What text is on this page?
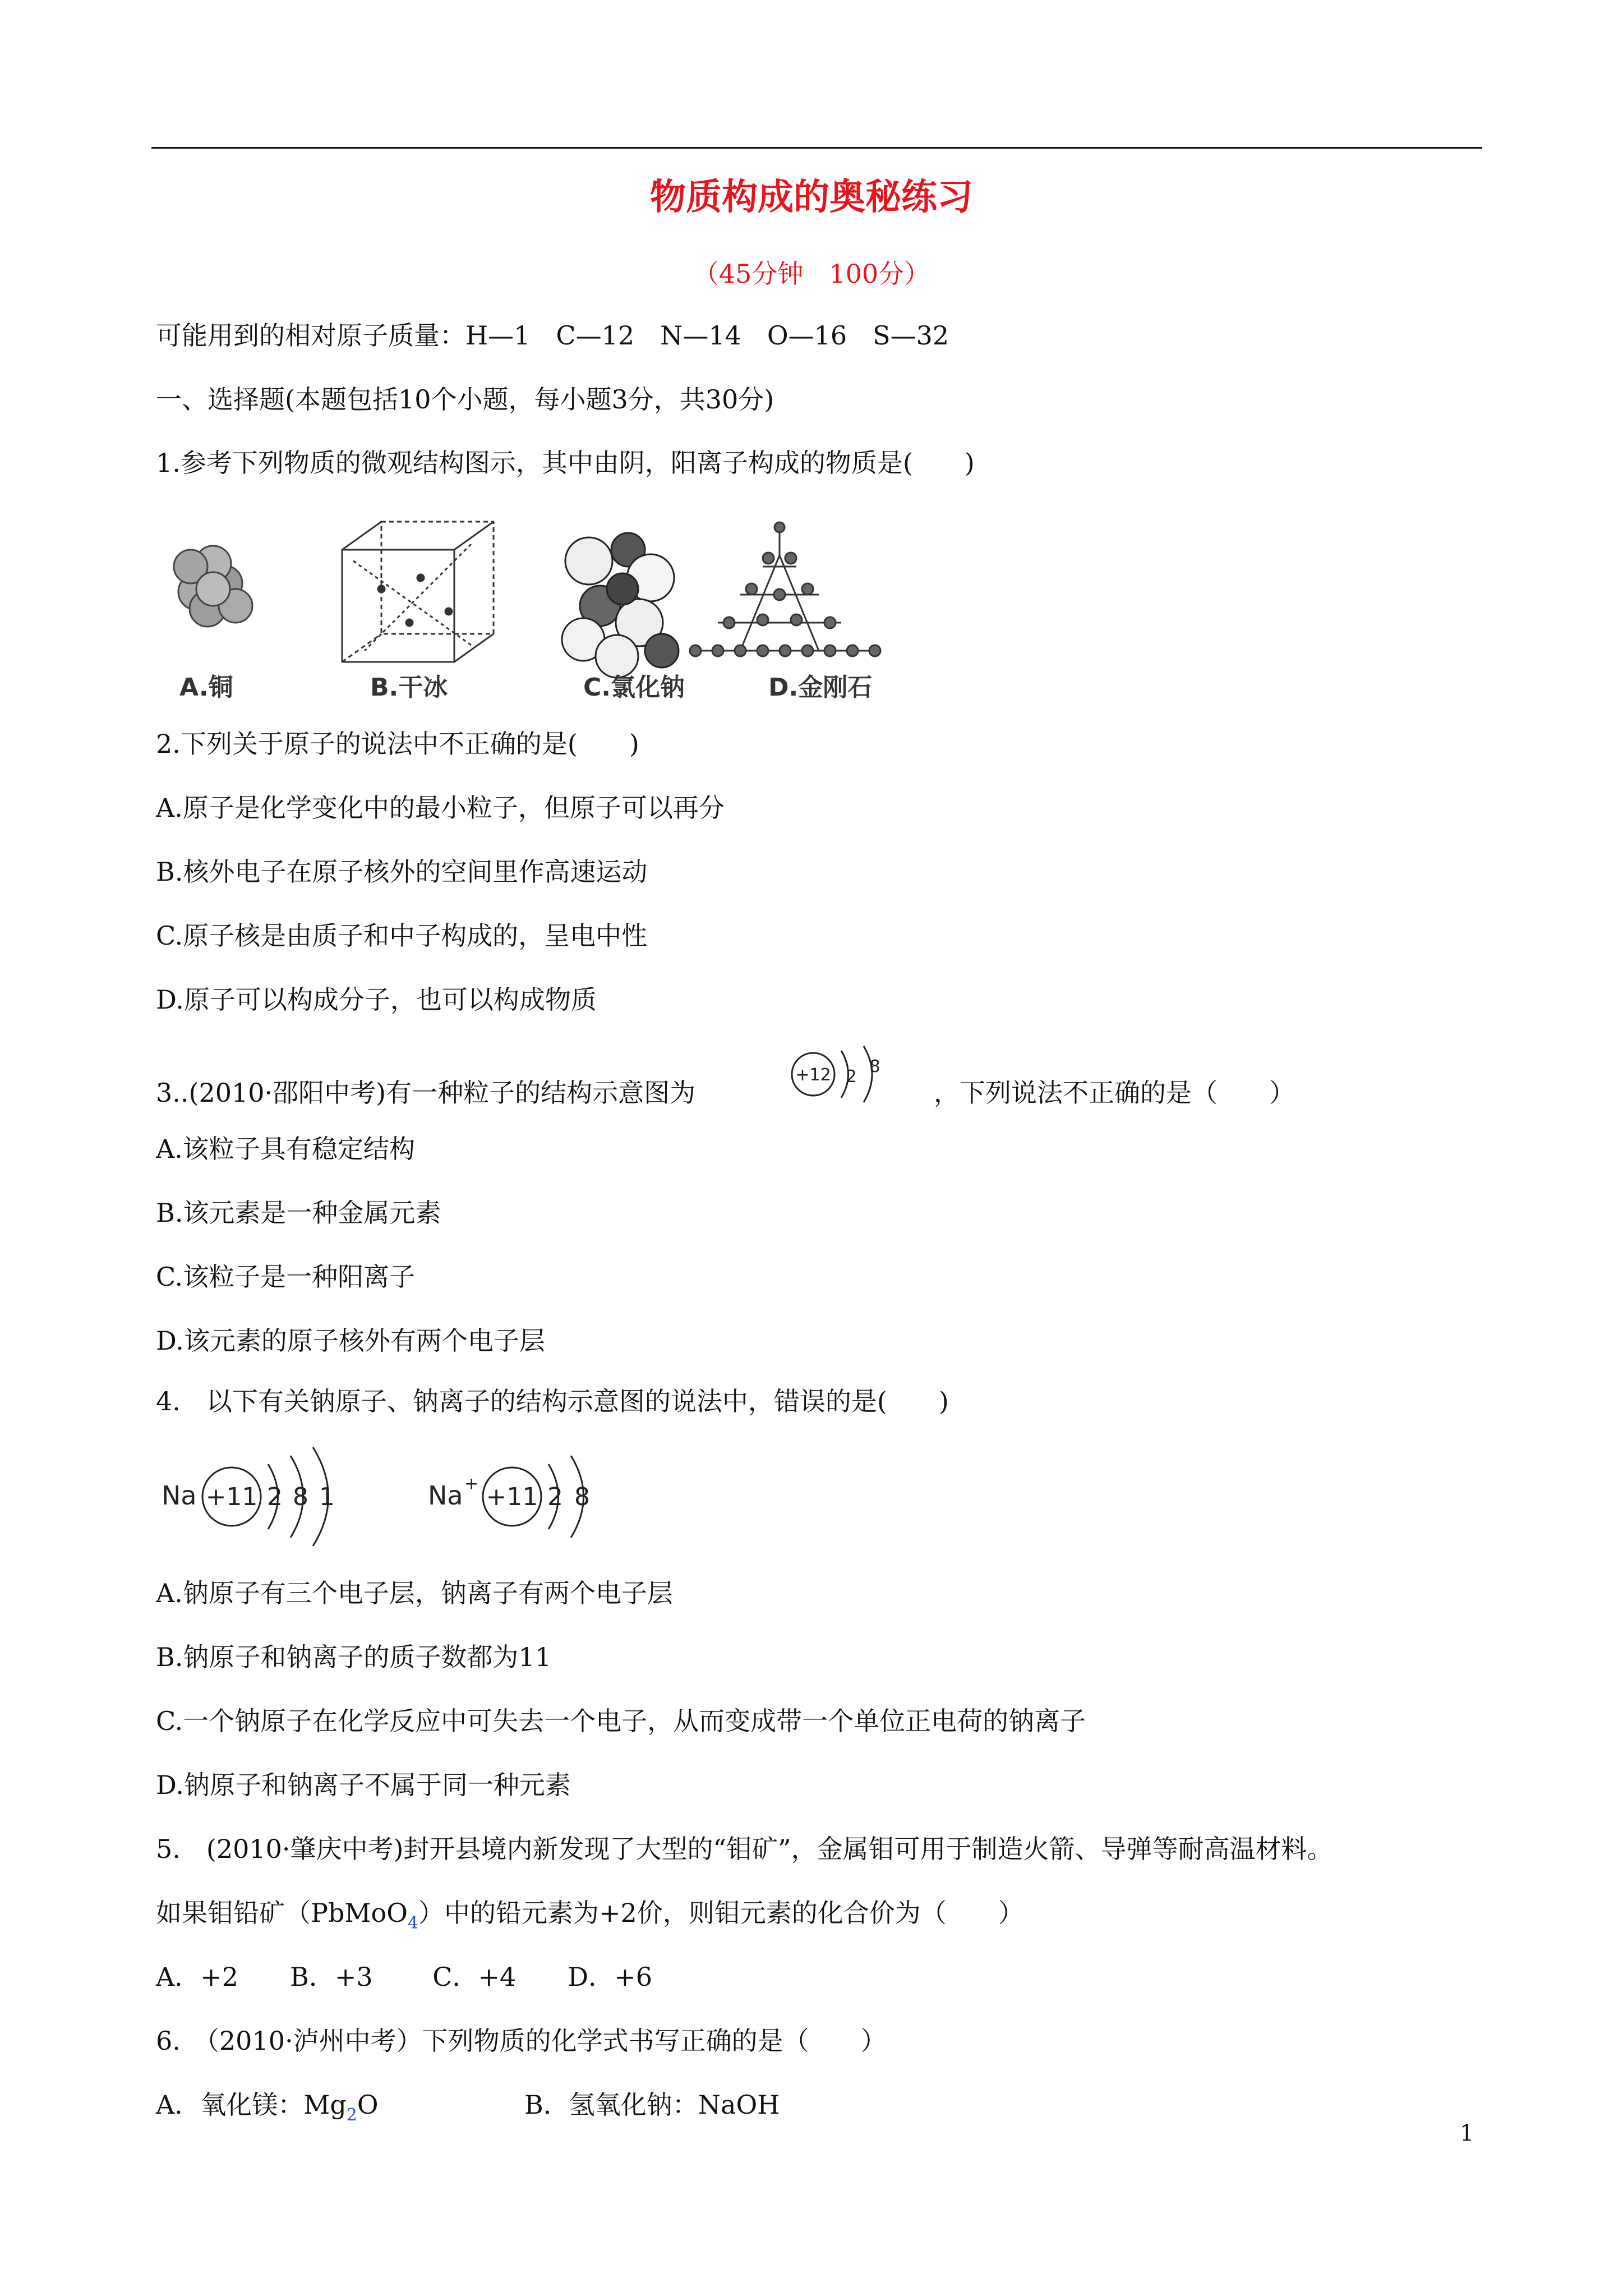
物质构成的奥秘练习
（45分钟　100分）
可能用到的相对原子质量：H—1　C—12　N—14　O—16　S—32
一、选择题(本题包括10个小题，每小题3分，共30分)
1.参考下列物质的微观结构图示，其中由阴，阳离子构成的物质是(　　)
A.铜	B.干冰	C.氯化钠	D.金刚石
2.下列关于原子的说法中不正确的是(　　)
A.原子是化学变化中的最小粒子，但原子可以再分
B.核外电子在原子核外的空间里作高速运动
C.原子核是由质子和中子构成的，呈电中性
D.原子可以构成分子，也可以构成物质
3..(2010·邵阳中考)有一种粒子的结构示意图为
+12 2
8
，下列说法不正确的是（　　）
A.该粒子具有稳定结构
B.该元素是一种金属元素
C.该粒子是一种阳离子
D.该元素的原子核外有两个电子层
4.　以下有关钠原子、钠离子的结构示意图的说法中，错误的是(　　)
Na +11 2 8 1	Na + +11 2 8
A.钠原子有三个电子层，钠离子有两个电子层
B.钠原子和钠离子的质子数都为11
C.一个钠原子在化学反应中可失去一个电子，从而变成带一个单位正电荷的钠离子
D.钠原子和钠离子不属于同一种元素
5.　(2010·肇庆中考)封开县境内新发现了大型的“钼矿”，金属钼可用于制造火箭、导弹等耐高温材料。
如果钼铅矿（PbMoO$_4$）中的铅元素为+2价，则钼元素的化合价为（　　）
A．+2　　B．+3　　 C．+4　　D．+6
6.　（2010·泸州中考）下列物质的化学式书写正确的是（　　）
A．氧化镁：$Mg_2O$	B．氢氧化钠：NaOH
1
